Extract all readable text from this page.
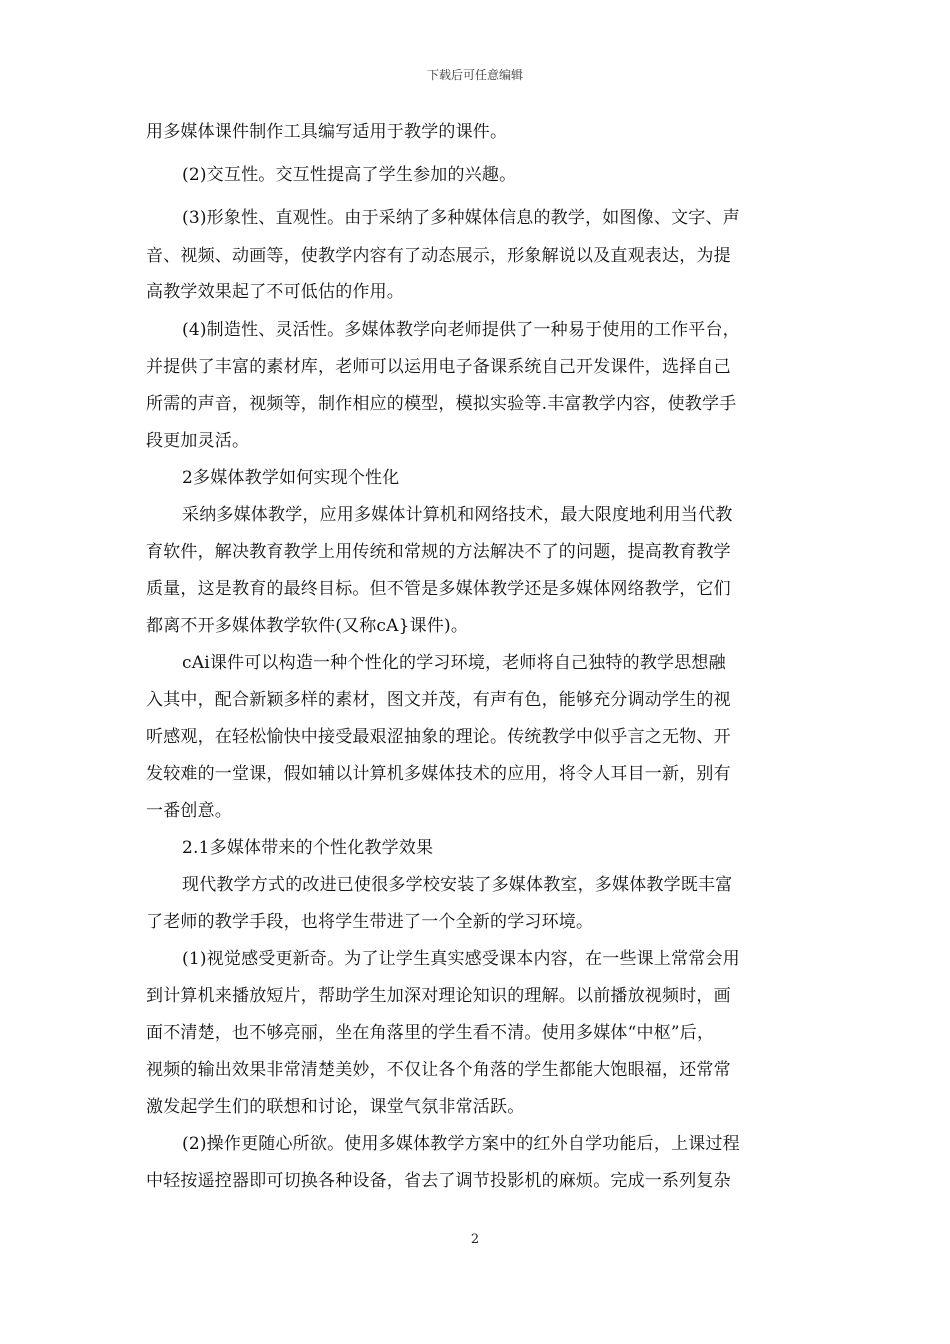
下载后可任意编辑
用多媒体课件制作工具编写适用于教学的课件。
(2)交互性。交互性提高了学生参加的兴趣。
(3)形象性、直观性。由于采纳了多种媒体信息的教学，如图像、文字、声
音、视频、动画等，使教学内容有了动态展示，形象解说以及直观表达，为提
高教学效果起了不可低估的作用。
(4)制造性、灵活性。多媒体教学向老师提供了一种易于使用的工作平台，
并提供了丰富的素材库，老师可以运用电子备课系统自己开发课件，选择自己
所需的声音，视频等，制作相应的模型，模拟实验等.丰富教学内容，使教学手
段更加灵活。
2多媒体教学如何实现个性化
采纳多媒体教学，应用多媒体计算机和网络技术，最大限度地利用当代教
育软件，解决教育教学上用传统和常规的方法解决不了的问题，提高教育教学
质量，这是教育的最终目标。但不管是多媒体教学还是多媒体网络教学，它们
都离不开多媒体教学软件(又称cA}课件)。
cAi课件可以构造一种个性化的学习环境，老师将自己独特的教学思想融
入其中，配合新颖多样的素材，图文并茂，有声有色，能够充分调动学生的视
听感观，在轻松愉快中接受最艰涩抽象的理论。传统教学中似乎言之无物、开
发较难的一堂课，假如辅以计算机多媒体技术的应用，将令人耳目一新，别有
一番创意。
2.1多媒体带来的个性化教学效果
现代教学方式的改进已使很多学校安装了多媒体教室，多媒体教学既丰富
了老师的教学手段，也将学生带进了一个全新的学习环境。
(1)视觉感受更新奇。为了让学生真实感受课本内容，在一些课上常常会用
到计算机来播放短片，帮助学生加深对理论知识的理解。以前播放视频时，画
面不清楚，也不够亮丽，坐在角落里的学生看不清。使用多媒体“中枢”后，
视频的输出效果非常清楚美妙，不仅让各个角落的学生都能大饱眼福，还常常
激发起学生们的联想和讨论，课堂气氛非常活跃。
(2)操作更随心所欲。使用多媒体教学方案中的红外自学功能后，上课过程
中轻按遥控器即可切换各种设备，省去了调节投影机的麻烦。完成一系列复杂
2
